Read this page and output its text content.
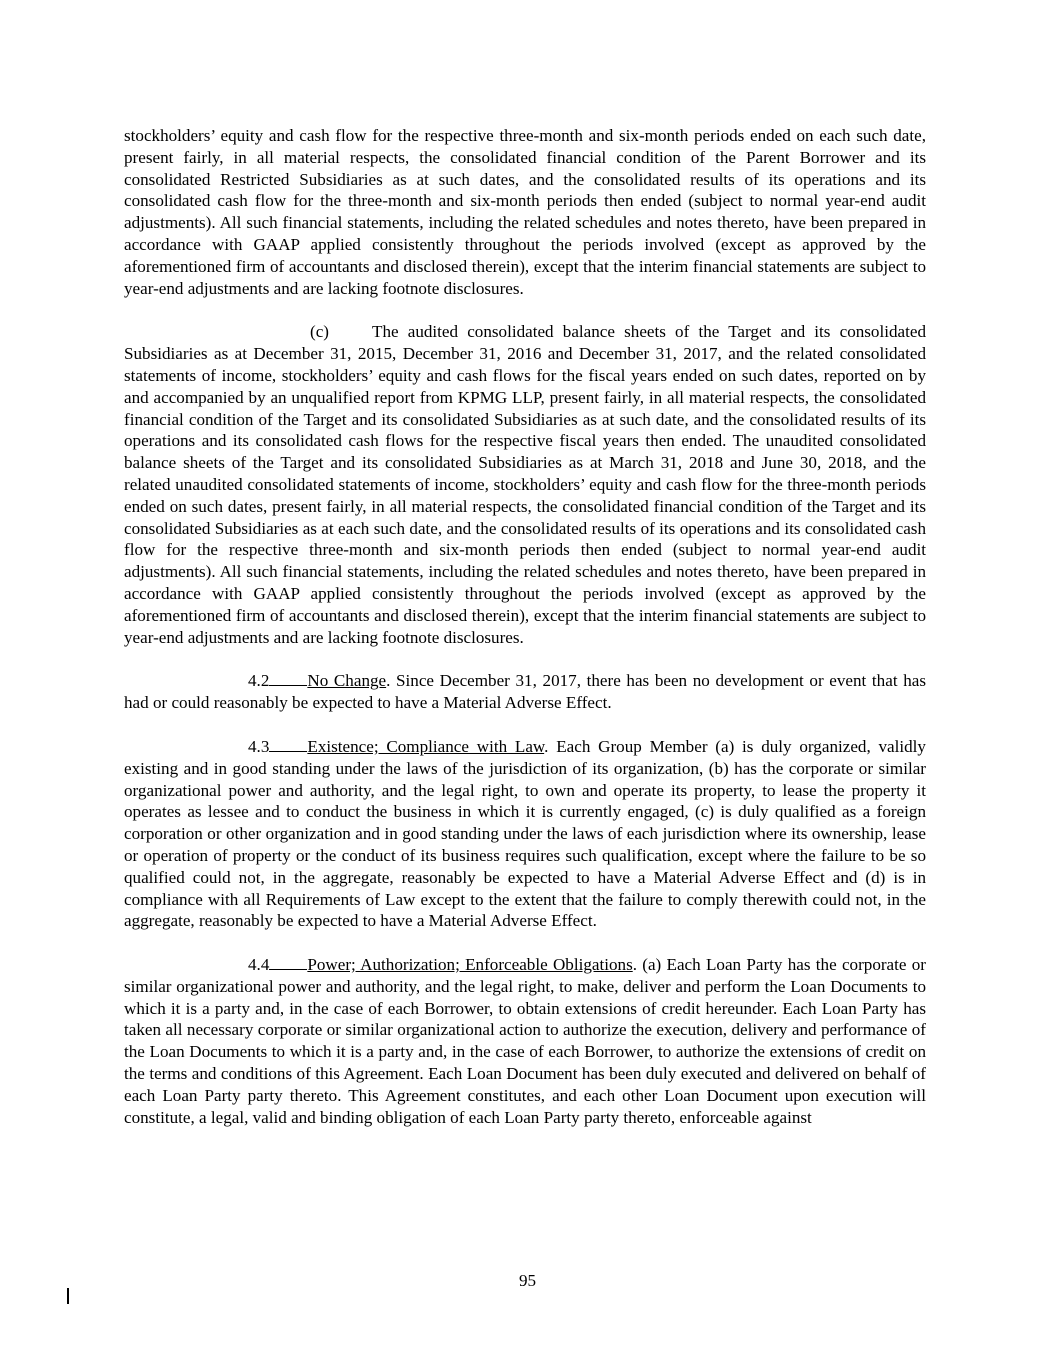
stockholders’ equity and cash flow for the respective three-month and six-month periods ended on each such date, present fairly, in all material respects, the consolidated financial condition of the Parent Borrower and its consolidated Restricted Subsidiaries as at such dates, and the consolidated results of its operations and its consolidated cash flow for the three-month and six-month periods then ended (subject to normal year-end audit adjustments). All such financial statements, including the related schedules and notes thereto, have been prepared in accordance with GAAP applied consistently throughout the periods involved (except as approved by the aforementioned firm of accountants and disclosed therein), except that the interim financial statements are subject to year-end adjustments and are lacking footnote disclosures.

(c)	The audited consolidated balance sheets of the Target and its consolidated Subsidiaries as at December 31, 2015, December 31, 2016 and December 31, 2017, and the related consolidated statements of income, stockholders’ equity and cash flows for the fiscal years ended on such dates, reported on by and accompanied by an unqualified report from KPMG LLP, present fairly, in all material respects, the consolidated financial condition of the Target and its consolidated Subsidiaries as at such date, and the consolidated results of its operations and its consolidated cash flows for the respective fiscal years then ended. The unaudited consolidated balance sheets of the Target and its consolidated Subsidiaries as at March 31, 2018 and June 30, 2018, and the related unaudited consolidated statements of income, stockholders’ equity and cash flow for the three-month periods ended on such dates, present fairly, in all material respects, the consolidated financial condition of the Target and its consolidated Subsidiaries as at each such date, and the consolidated results of its operations and its consolidated cash flow for the respective three-month and six-month periods then ended (subject to normal year-end audit adjustments). All such financial statements, including the related schedules and notes thereto, have been prepared in accordance with GAAP applied consistently throughout the periods involved (except as approved by the aforementioned firm of accountants and disclosed therein), except that the interim financial statements are subject to year-end adjustments and are lacking footnote disclosures.

4.2 No Change. Since December 31, 2017, there has been no development or event that has had or could reasonably be expected to have a Material Adverse Effect.

4.3 Existence; Compliance with Law. Each Group Member (a) is duly organized, validly existing and in good standing under the laws of the jurisdiction of its organization, (b) has the corporate or similar organizational power and authority, and the legal right, to own and operate its property, to lease the property it operates as lessee and to conduct the business in which it is currently engaged, (c) is duly qualified as a foreign corporation or other organization and in good standing under the laws of each jurisdiction where its ownership, lease or operation of property or the conduct of its business requires such qualification, except where the failure to be so qualified could not, in the aggregate, reasonably be expected to have a Material Adverse Effect and (d) is in compliance with all Requirements of Law except to the extent that the failure to comply therewith could not, in the aggregate, reasonably be expected to have a Material Adverse Effect.

4.4 Power; Authorization; Enforceable Obligations. (a) Each Loan Party has the corporate or similar organizational power and authority, and the legal right, to make, deliver and perform the Loan Documents to which it is a party and, in the case of each Borrower, to obtain extensions of credit hereunder. Each Loan Party has taken all necessary corporate or similar organizational action to authorize the execution, delivery and performance of the Loan Documents to which it is a party and, in the case of each Borrower, to authorize the extensions of credit on the terms and conditions of this Agreement. Each Loan Document has been duly executed and delivered on behalf of each Loan Party party thereto. This Agreement constitutes, and each other Loan Document upon execution will constitute, a legal, valid and binding obligation of each Loan Party party thereto, enforceable against

95
